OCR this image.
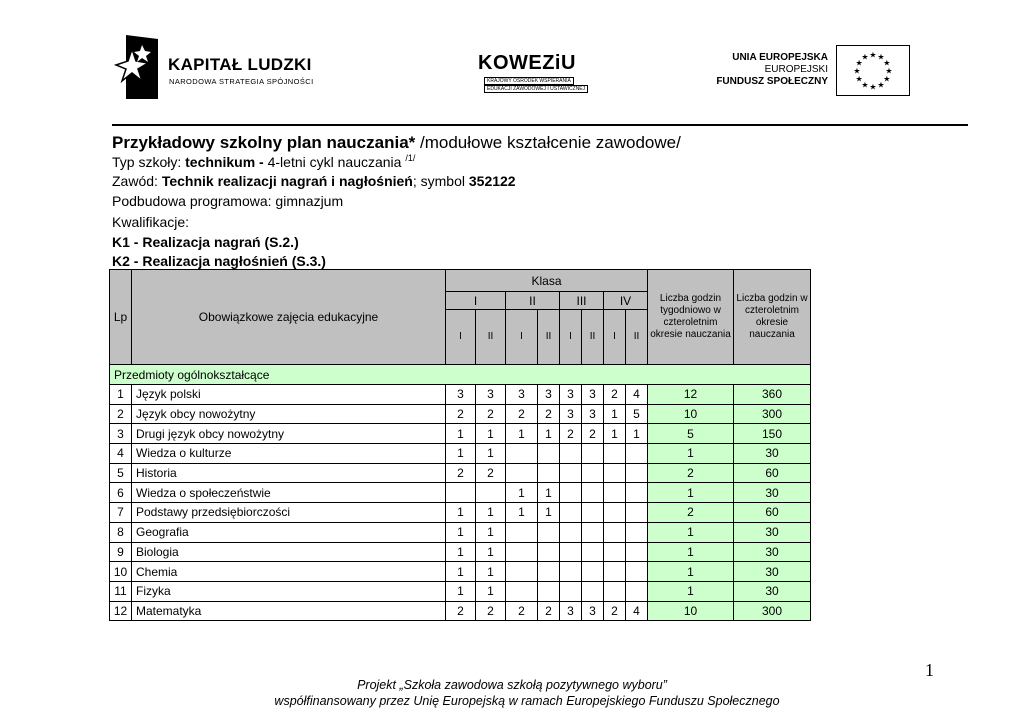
KAPITAŁ LUDZKI
NARODOWA STRATEGIA SPÓJNOŚCI
KOWEZiU
KRAJOWY OŚRODEK WSPIERANIA
EDUKACJI ZAWODOWEJ I USTAWICZNEJ
UNIA EUROPEJSKA
EUROPEJSKI
FUNDUSZ SPOŁECZNY
★ ★
★
★
★
★
★
★
★
★
★
★
Przykładowy szkolny plan nauczania* /modułowe kształcenie zawodowe/
Typ szkoły: technikum - 4-letni cykl nauczania $^{/1/}$
Zawód: Technik realizacji nagrań i nagłośnień; symbol 352122
Podbudowa programowa: gimnazjum
Kwalifikacje:
K1 - Realizacja nagrań (S.2.)
K2 - Realizacja nagłośnień (S.3.)
Lp	Obowiązkowe zajęcia edukacyjne	Klasa								Liczba godzin tygodniowo w czteroletnim okresie nauczania	Liczba godzin w czteroletnim okresie nauczania
		I		II		III		IV			
		I	II	I	II	I	II	I	II		
Przedmioty ogólnokształcące											
1	Język polski	3	3	3	3	3	3	2	4	12	360
2	Język obcy nowożytny	2	2	2	2	3	3	1	5	10	300
3	Drugi język obcy nowożytny	1	1	1	1	2	2	1	1	5	150
4	Wiedza o kulturze	1	1							1	30
5	Historia	2	2							2	60
6	Wiedza o społeczeństwie			1	1					1	30
7	Podstawy przedsiębiorczości	1	1	1	1					2	60
8	Geografia	1	1							1	30
9	Biologia	1	1							1	30
10	Chemia	1	1							1	30
11	Fizyka	1	1							1	30
12	Matematyka	2	2	2	2	3	3	2	4	10	300
1
Projekt „Szkoła zawodowa szkołą pozytywnego wyboru”
współfinansowany przez Unię Europejską w ramach Europejskiego Funduszu Społecznego
